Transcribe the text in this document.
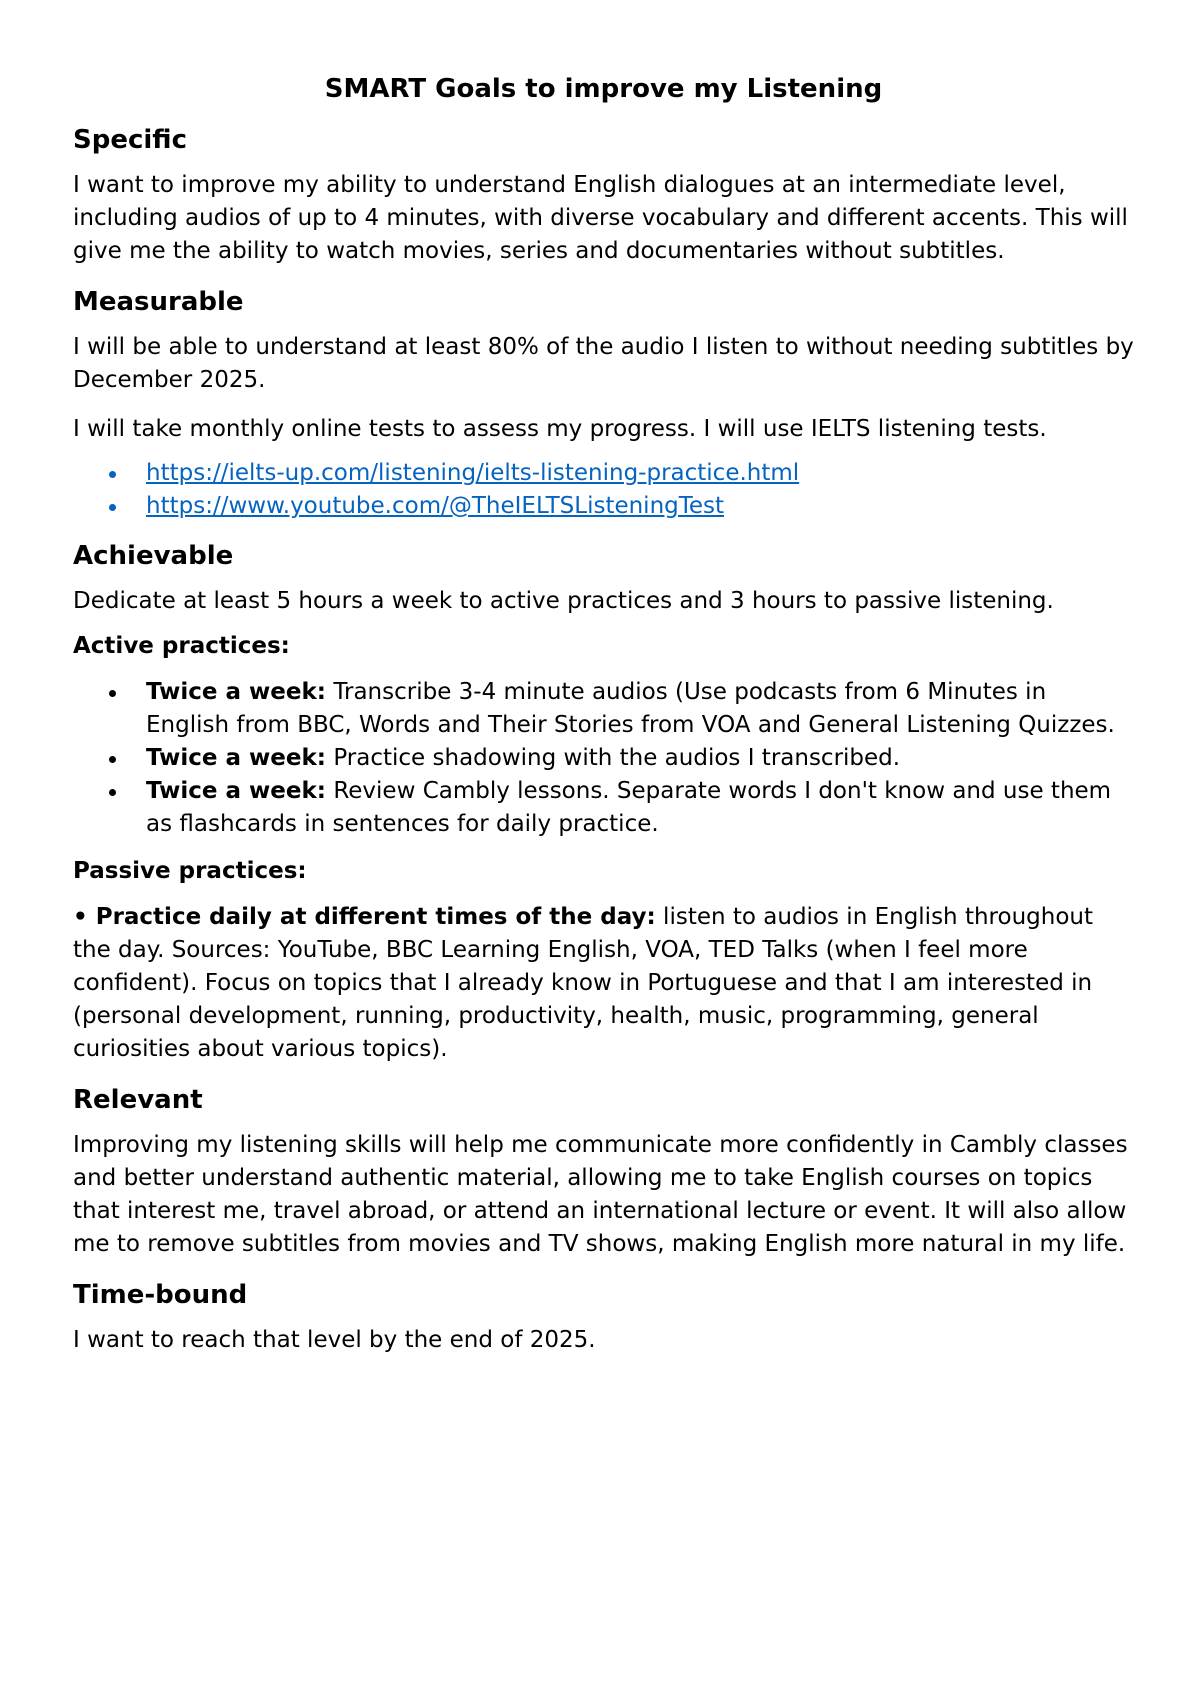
SMART Goals to improve my Listening
Specific

I want to improve my ability to understand English dialogues at an intermediate level, including audios of up to 4 minutes, with diverse vocabulary and different accents. This will give me the ability to watch movies, series and documentaries without subtitles.

Measurable

I will be able to understand at least 80% of the audio I listen to without needing subtitles by December 2025.

I will take monthly online tests to assess my progress. I will use IELTS listening tests.

https://ielts-up.com/listening/ielts-listening-practice.html
https://www.youtube.com/@TheIELTSListeningTest
Achievable

Dedicate at least 5 hours a week to active practices and 3 hours to passive listening.

Active practices:
Twice a week: Transcribe 3-4 minute audios (Use podcasts from 6 Minutes in English from BBC, Words and Their Stories from VOA and General Listening Quizzes.
Twice a week: Practice shadowing with the audios I transcribed.
Twice a week: Review Cambly lessons. Separate words I don't know and use them as flashcards in sentences for daily practice.
Passive practices:

• Practice daily at different times of the day: listen to audios in English throughout the day. Sources: YouTube, BBC Learning English, VOA, TED Talks (when I feel more confident). Focus on topics that I already know in Portuguese and that I am interested in (personal development, running, productivity, health, music, programming, general curiosities about various topics).

Relevant

Improving my listening skills will help me communicate more confidently in Cambly classes and better understand authentic material, allowing me to take English courses on topics that interest me, travel abroad, or attend an international lecture or event. It will also allow me to remove subtitles from movies and TV shows, making English more natural in my life.

Time-bound

I want to reach that level by the end of 2025.
